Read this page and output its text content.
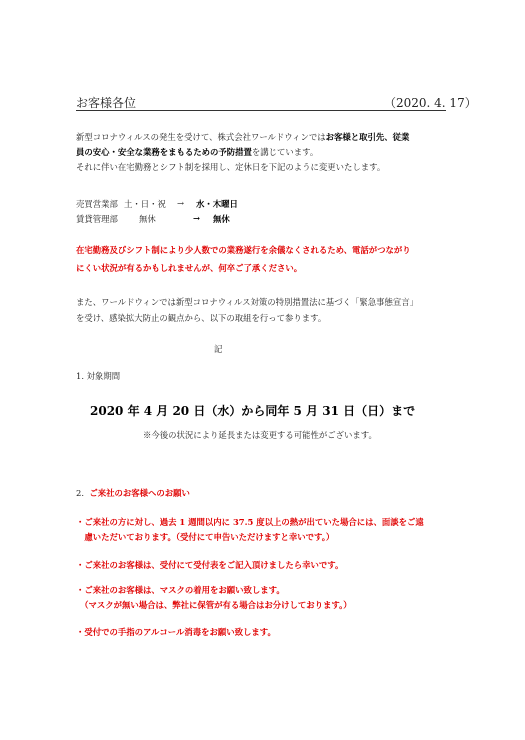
お客様各位	（2020. 4. 17）
新型コロナウィルスの発生を受けて、株式会社ワールドウィンではお客様と取引先、従業
員の安心・安全な業務をまもるための予防措置を講じています。
それに伴い在宅勤務とシフト制を採用し、定休日を下記のように変更いたします。
売買営業部 土・日・祝 → 水・木曜日
賃貸管理部	無休	→ 無休
在宅勤務及びシフト制により少人数での業務遂行を余儀なくされるため、電話がつながり
にくい状況が有るかもしれませんが、何卒ご了承ください。
また、ワールドウィンでは新型コロナウィルス対策の特別措置法に基づく「緊急事態宣言」
を受け、感染拡大防止の観点から、以下の取組を行って参ります。
記
1. 対象期間
2020 年 4 月 20 日（水）から同年 5 月 31 日（日）まで
※今後の状況により延長または変更する可能性がございます。
2. ご来社のお客様へのお願い
・ご来社の方に対し、過去 1 週間以内に 37.5 度以上の熱が出ていた場合には、面談をご遠
　慮いただいております。（受付にて申告いただけますと幸いです。）
・ご来社のお客様は、受付にて受付表をご記入頂けましたら幸いです。
・ご来社のお客様は、マスクの着用をお願い致します。
　（マスクが無い場合は、弊社に保管が有る場合はお分けしております。）
・受付での手指のアルコール消毒をお願い致します。
